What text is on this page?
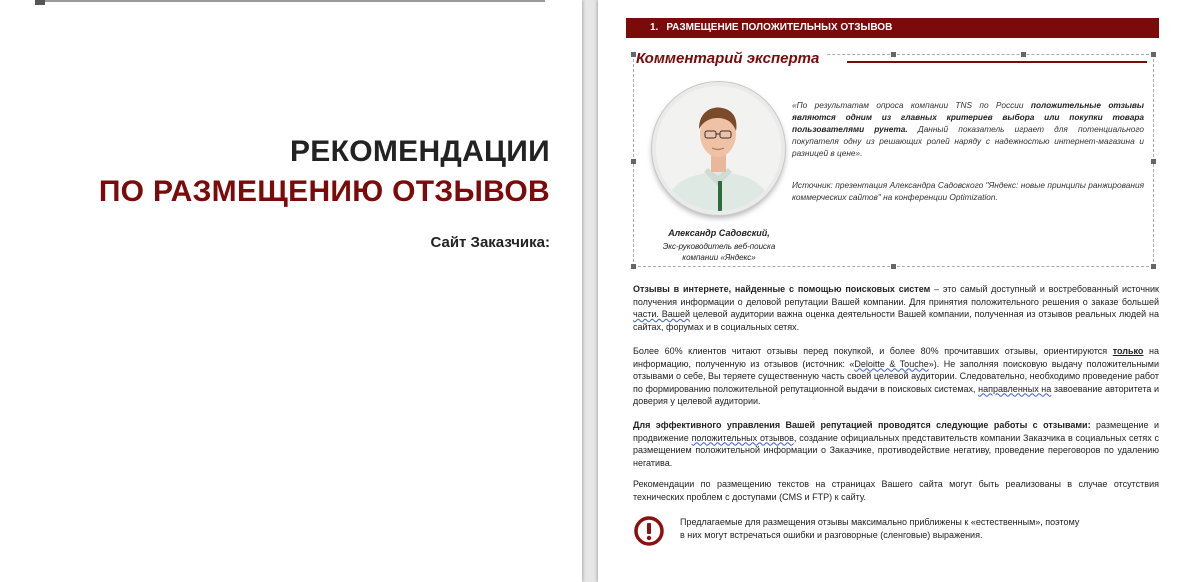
РЕКОМЕНДАЦИИ
ПО РАЗМЕЩЕНИЮ ОТЗЫВОВ
Сайт Заказчика:
1. РАЗМЕЩЕНИЕ ПОЛОЖИТЕЛЬНЫХ ОТЗЫВОВ
Комментарий эксперта
Александр Садовский,
Экс-руководитель веб-поиска
компании «Яндекс»
«По результатам опроса компании TNS по России положительные отзывы являются одним из главных критериев выбора или покупки товара пользователями рунета. Данный показатель играет для потенциального покупателя одну из решающих ролей наряду с надежностью интернет-магазина и разницей в цене».
Источник: презентация Александра Садовского "Яндекс: новые принципы ранжирования коммерческих сайтов" на конференции Optimization.
Отзывы в интернете, найденные с помощью поисковых систем – это самый доступный и востребованный источник получения информации о деловой репутации Вашей компании. Для принятия положительного решения о заказе большей части. Вашей целевой аудитории важна оценка деятельности Вашей компании, полученная из отзывов реальных людей на сайтах, форумах и в социальных сетях.
Более 60% клиентов читают отзывы перед покупкой, и более 80% прочитавших отзывы, ориентируются только на информацию, полученную из отзывов (источник: «Deloitte & Touche»). Не заполняя поисковую выдачу положительными отзывами о себе, Вы теряете существенную часть своей целевой аудитории. Следовательно, необходимо проведение работ по формированию положительной репутационной выдачи в поисковых системах, направленных на завоевание авторитета и доверия у целевой аудитории.
Для эффективного управления Вашей репутацией проводятся следующие работы с отзывами: размещение и продвижение положительных отзывов, создание официальных представительств компании Заказчика в социальных сетях с размещением положительной информации о Заказчике, противодействие негативу, проведение переговоров по удалению негатива.
Рекомендации по размещению текстов на страницах Вашего сайта могут быть реализованы в случае отсутствия технических проблем с доступами (CMS и FTP) к сайту.
Предлагаемые для размещения отзывы максимально приближены к «естественным», поэтому
в них могут встречаться ошибки и разговорные (сленговые) выражения.
